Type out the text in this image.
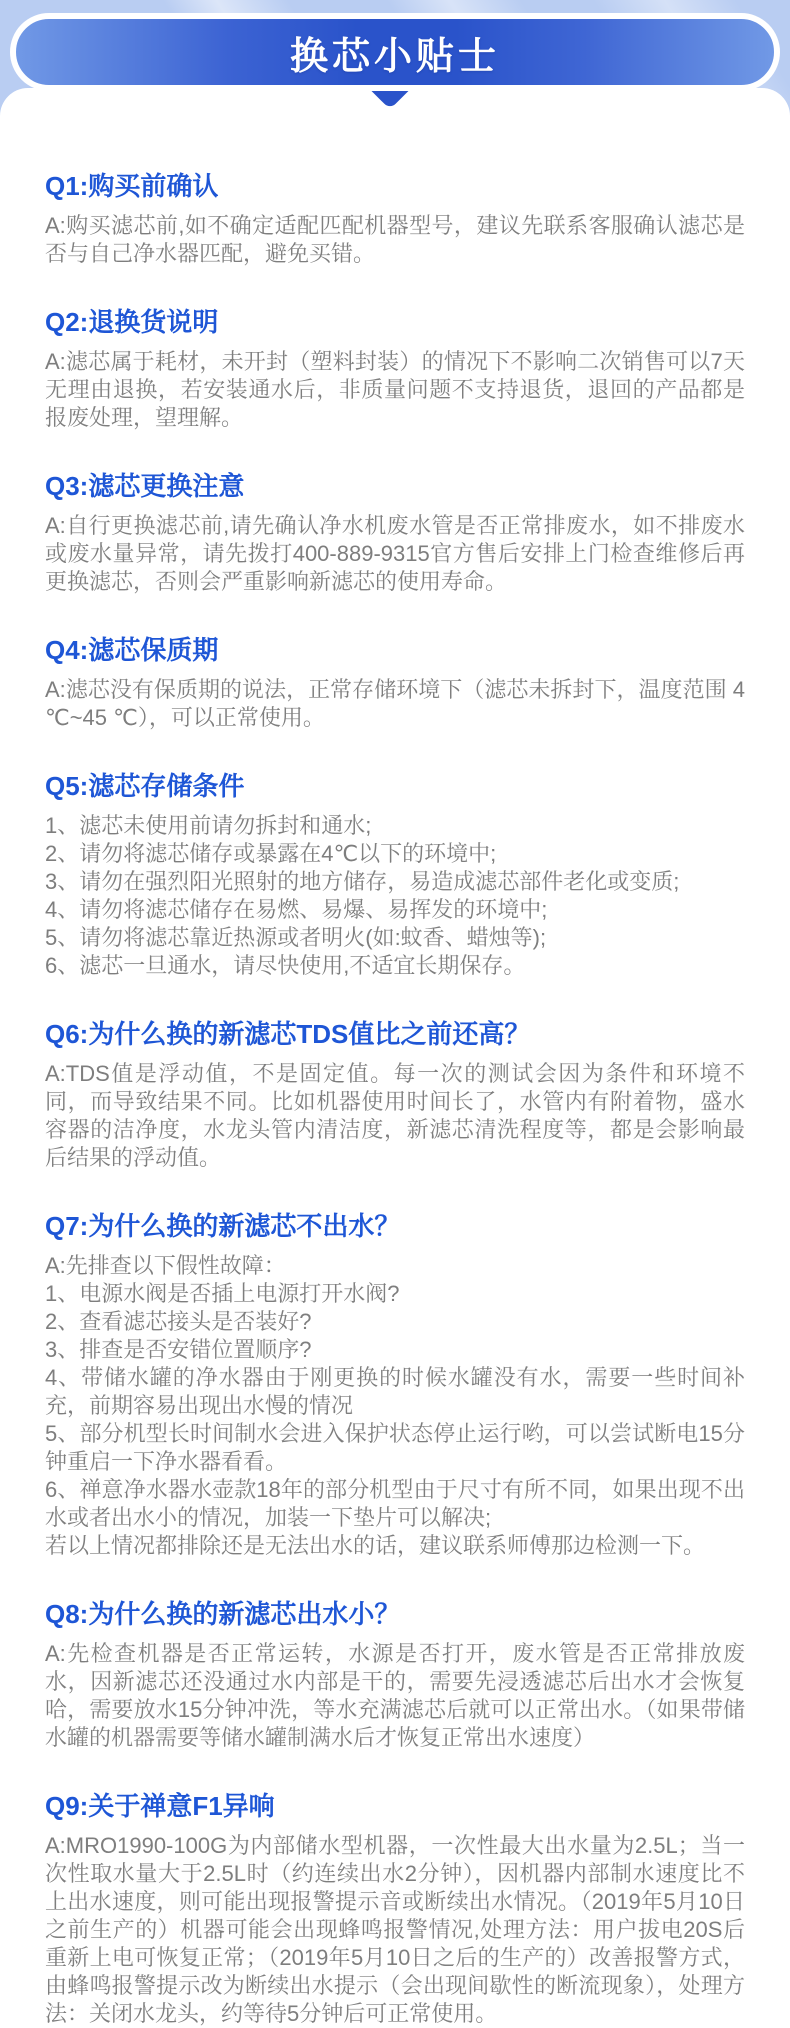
换芯小贴士
Q1:购买前确认

A:购买滤芯前,如不确定适配匹配机器型号，建议先联系客服确认滤芯是否与自己净水器匹配，避免买错。

Q2:退换货说明

A:滤芯属于耗材，未开封（塑料封装）的情况下不影响二次销售可以7天无理由退换，若安装通水后，非质量问题不支持退货，退回的产品都是报废处理，望理解。

Q3:滤芯更换注意

A:自行更换滤芯前,请先确认净水机废水管是否正常排废水，如不排废水或废水量异常，请先拨打400-889-9315官方售后安排上门检查维修后再更换滤芯，否则会严重影响新滤芯的使用寿命。

Q4:滤芯保质期

A:滤芯没有保质期的说法，正常存储环境下（滤芯未拆封下，温度范围 4 ℃~45 ℃），可以正常使用。

Q5:滤芯存储条件

1、滤芯未使用前请勿拆封和通水;

2、请勿将滤芯储存或暴露在4℃以下的环境中;

3、请勿在强烈阳光照射的地方储存，易造成滤芯部件老化或变质;

4、请勿将滤芯储存在易燃、易爆、易挥发的环境中;

5、请勿将滤芯靠近热源或者明火(如:蚊香、蜡烛等);

6、滤芯一旦通水，请尽快使用,不适宜长期保存。

Q6:为什么换的新滤芯TDS值比之前还高？

A:TDS值是浮动值，不是固定值。每一次的测试会因为条件和环境不同，而导致结果不同。比如机器使用时间长了，水管内有附着物，盛水容器的洁净度，水龙头管内清洁度，新滤芯清洗程度等，都是会影响最后结果的浮动值。

Q7:为什么换的新滤芯不出水？

A:先排查以下假性故障：

1、电源水阀是否插上电源打开水阀?

2、查看滤芯接头是否装好?

3、排查是否安错位置顺序?

4、带储水罐的净水器由于刚更换的时候水罐没有水，需要一些时间补充，前期容易出现出水慢的情况

5、部分机型长时间制水会进入保护状态停止运行哟，可以尝试断电15分钟重启一下净水器看看。

6、禅意净水器水壶款18年的部分机型由于尺寸有所不同，如果出现不出水或者出水小的情况，加装一下垫片可以解决;

若以上情况都排除还是无法出水的话，建议联系师傅那边检测一下。

Q8:为什么换的新滤芯出水小？

A:先检查机器是否正常运转，水源是否打开，废水管是否正常排放废水，因新滤芯还没通过水内部是干的，需要先浸透滤芯后出水才会恢复哈，需要放水15分钟冲洗，等水充满滤芯后就可以正常出水。（如果带储水罐的机器需要等储水罐制满水后才恢复正常出水速度）

Q9:关于禅意F1异响

A:MRO1990-100G为内部储水型机器，一次性最大出水量为2.5L；当一次性取水量大于2.5L时（约连续出水2分钟），因机器内部制水速度比不上出水速度，则可能出现报警提示音或断续出水情况。（2019年5月10日之前生产的）机器可能会出现蜂鸣报警情况,处理方法：用户拔电20S后重新上电可恢复正常；（2019年5月10日之后的生产的）改善报警方式，由蜂鸣报警提示改为断续出水提示（会出现间歇性的断流现象），处理方法：关闭水龙头，约等待5分钟后可正常使用。
